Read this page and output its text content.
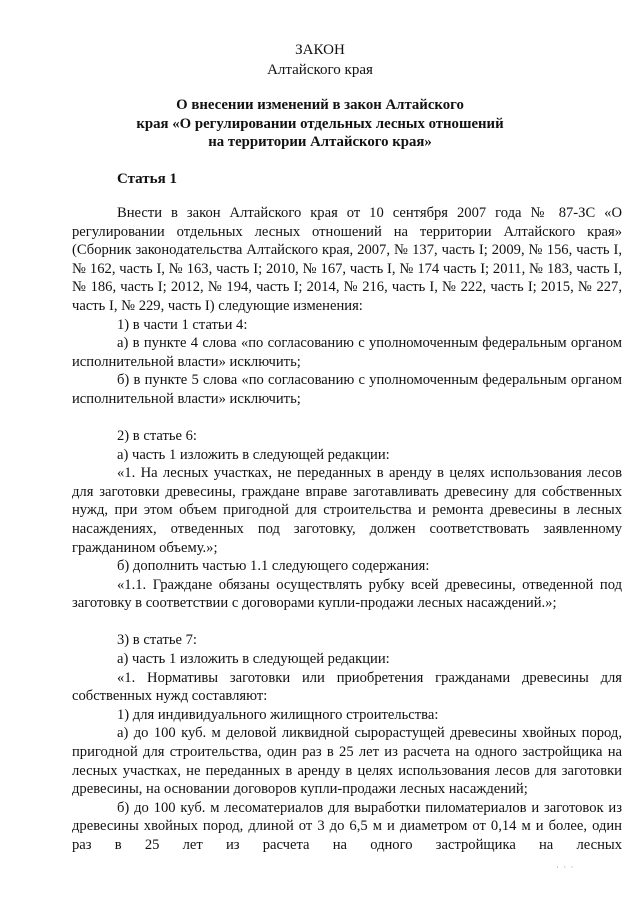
ЗАКОН
Алтайского края
О внесении изменений в закон Алтайского
края «О регулировании отдельных лесных отношений
на территории Алтайского края»
Статья 1

Внести в закон Алтайского края от 10 сентября 2007 года № 87-ЗС «О регулировании отдельных лесных отношений на территории Алтайского края» (Сборник законодательства Алтайского края, 2007, № 137, часть I; 2009, № 156, часть I, № 162, часть I, № 163, часть I; 2010, № 167, часть I, № 174 часть I; 2011, № 183, часть I, № 186, часть I; 2012, № 194, часть I; 2014, № 216, часть I, № 222, часть I; 2015, № 227, часть I, № 229, часть I) следующие изменения:

1) в части 1 статьи 4:

а) в пункте 4 слова «по согласованию с уполномоченным федеральным органом исполнительной власти» исключить;

б) в пункте 5 слова «по согласованию с уполномоченным федеральным органом исполнительной власти» исключить;

2) в статье 6:

а) часть 1 изложить в следующей редакции:

«1. На лесных участках, не переданных в аренду в целях использования лесов для заготовки древесины, граждане вправе заготавливать древесину для собственных нужд, при этом объем пригодной для строительства и ремонта древесины в лесных насаждениях, отведенных под заготовку, должен соответствовать заявленному гражданином объему.»;

б) дополнить частью 1.1 следующего содержания:

«1.1. Граждане обязаны осуществлять рубку всей древесины, отведенной под заготовку в соответствии с договорами купли-продажи лесных насаждений.»;

3) в статье 7:

а) часть 1 изложить в следующей редакции:

«1. Нормативы заготовки или приобретения гражданами древесины для собственных нужд составляют:

1) для индивидуального жилищного строительства:

а) до 100 куб. м деловой ликвидной сырорастущей древесины хвойных пород, пригодной для строительства, один раз в 25 лет из расчета на одного застройщика на лесных участках, не переданных в аренду в целях использования лесов для заготовки древесины, на основании договоров купли-продажи лесных насаждений;

б) до 100 куб. м лесоматериалов для выработки пиломатериалов и заготовок из древесины хвойных пород, длиной от 3 до 6,5 м и диаметром от 0,14 м и более, один раз в 25 лет из расчета на одного застройщика на лесных

· · ·
